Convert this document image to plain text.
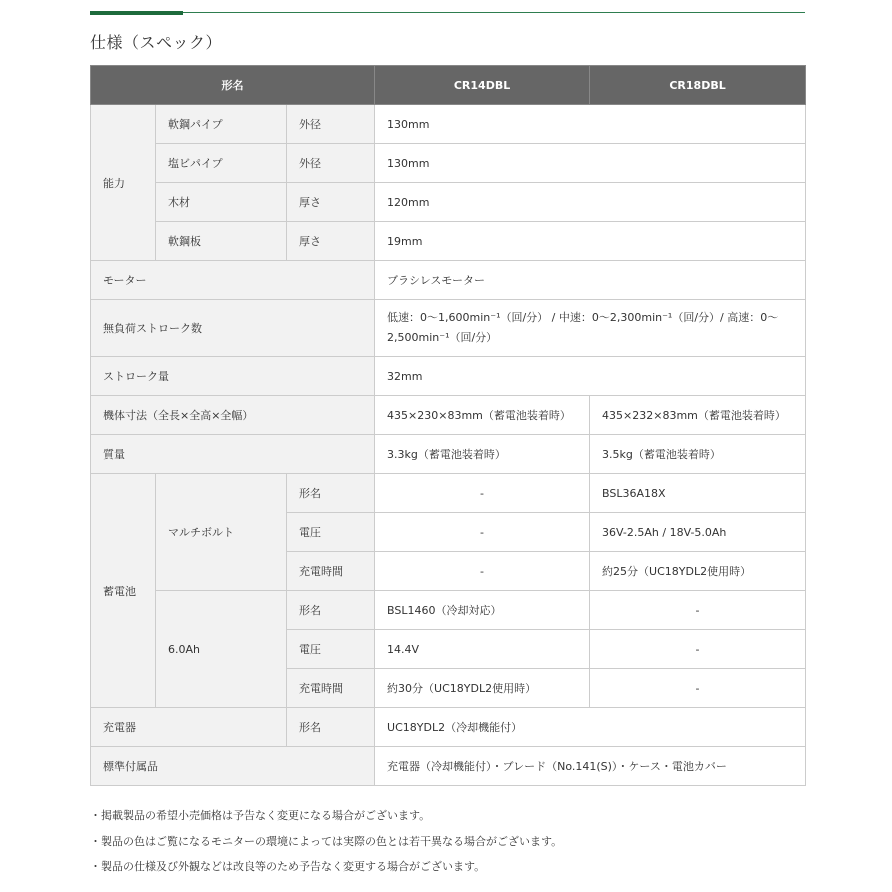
仕様（スペック）
形名			CR14DBL	CR18DBL
能力	軟鋼パイプ	外径	130mm	
	塩ビパイプ	外径	130mm	
	木材	厚さ	120mm	
	軟鋼板	厚さ	19mm	
モーター			ブラシレスモーター	
無負荷ストローク数			低速：0～1,600min⁻¹（回/分） / 中速：0～2,300min⁻¹（回/分）/ 高速：0～2,500min⁻¹（回/分）	
ストローク量			32mm	
機体寸法（全長×全高×全幅）			435×230×83mm（蓄電池装着時）	435×232×83mm（蓄電池装着時）
質量			3.3kg（蓄電池装着時）	3.5kg（蓄電池装着時）
蓄電池	マルチボルト	形名	-	BSL36A18X
		電圧	-	36V-2.5Ah / 18V-5.0Ah
		充電時間	-	約25分（UC18YDL2使用時）
	6.0Ah	形名	BSL1460（冷却対応）	-
		電圧	14.4V	-
		充電時間	約30分（UC18YDL2使用時）	-
充電器		形名	UC18YDL2（冷却機能付）	
標準付属品			充電器（冷却機能付）・ブレード（No.141(S)）・ケース・電池カバー	
・掲載製品の希望小売価格は予告なく変更になる場合がございます。
・製品の色はご覧になるモニターの環境によっては実際の色とは若干異なる場合がございます。
・製品の仕様及び外観などは改良等のため予告なく変更する場合がございます。
